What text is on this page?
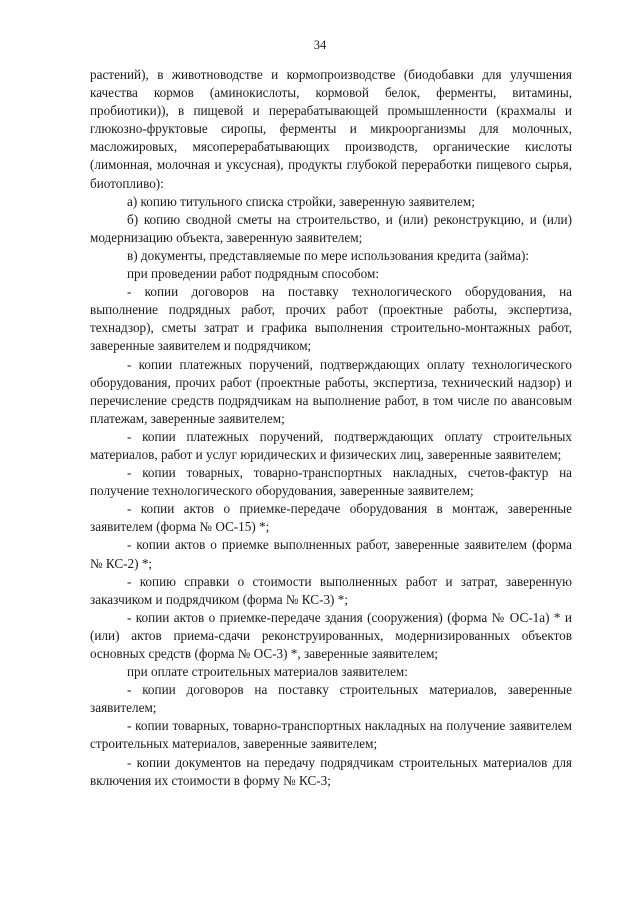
34

растений), в животноводстве и кормопроизводстве (биодобавки для улучшения качества кормов (аминокислоты, кормовой белок, ферменты, витамины, пробиотики)), в пищевой и перерабатывающей промышленности (крахмалы и глюкозно-фруктовые сиропы, ферменты и микроорганизмы для молочных, масложировых, мясоперерабатывающих производств, органические кислоты (лимонная, молочная и уксусная), продукты глубокой переработки пищевого сырья, биотопливо):

а) копию титульного списка стройки, заверенную заявителем;

б) копию сводной сметы на строительство, и (или) реконструкцию, и (или) модернизацию объекта, заверенную заявителем;

в) документы, представляемые по мере использования кредита (займа):

при проведении работ подрядным способом:

- копии договоров на поставку технологического оборудования, на выполнение подрядных работ, прочих работ (проектные работы, экспертиза, технадзор), сметы затрат и графика выполнения строительно-монтажных работ, заверенные заявителем и подрядчиком;

- копии платежных поручений, подтверждающих оплату технологического оборудования, прочих работ (проектные работы, экспертиза, технический надзор) и перечисление средств подрядчикам на выполнение работ, в том числе по авансовым платежам, заверенные заявителем;

- копии платежных поручений, подтверждающих оплату строительных материалов, работ и услуг юридических и физических лиц, заверенные заявителем;

- копии товарных, товарно-транспортных накладных, счетов-фактур на получение технологического оборудования, заверенные заявителем;

- копии актов о приемке-передаче оборудования в монтаж, заверенные заявителем (форма № ОС-15) *;

- копии актов о приемке выполненных работ, заверенные заявителем (форма № КС-2) *;

- копию справки о стоимости выполненных работ и затрат, заверенную заказчиком и подрядчиком (форма № КС-3) *;

- копии актов о приемке-передаче здания (сооружения) (форма № ОС-1а) * и (или) актов приема-сдачи реконструированных, модернизированных объектов основных средств (форма № ОС-3) *, заверенные заявителем;

при оплате строительных материалов заявителем:

- копии договоров на поставку строительных материалов, заверенные заявителем;

- копии товарных, товарно-транспортных накладных на получение заявителем строительных материалов, заверенные заявителем;

- копии документов на передачу подрядчикам строительных материалов для включения их стоимости в форму № КС-3;
